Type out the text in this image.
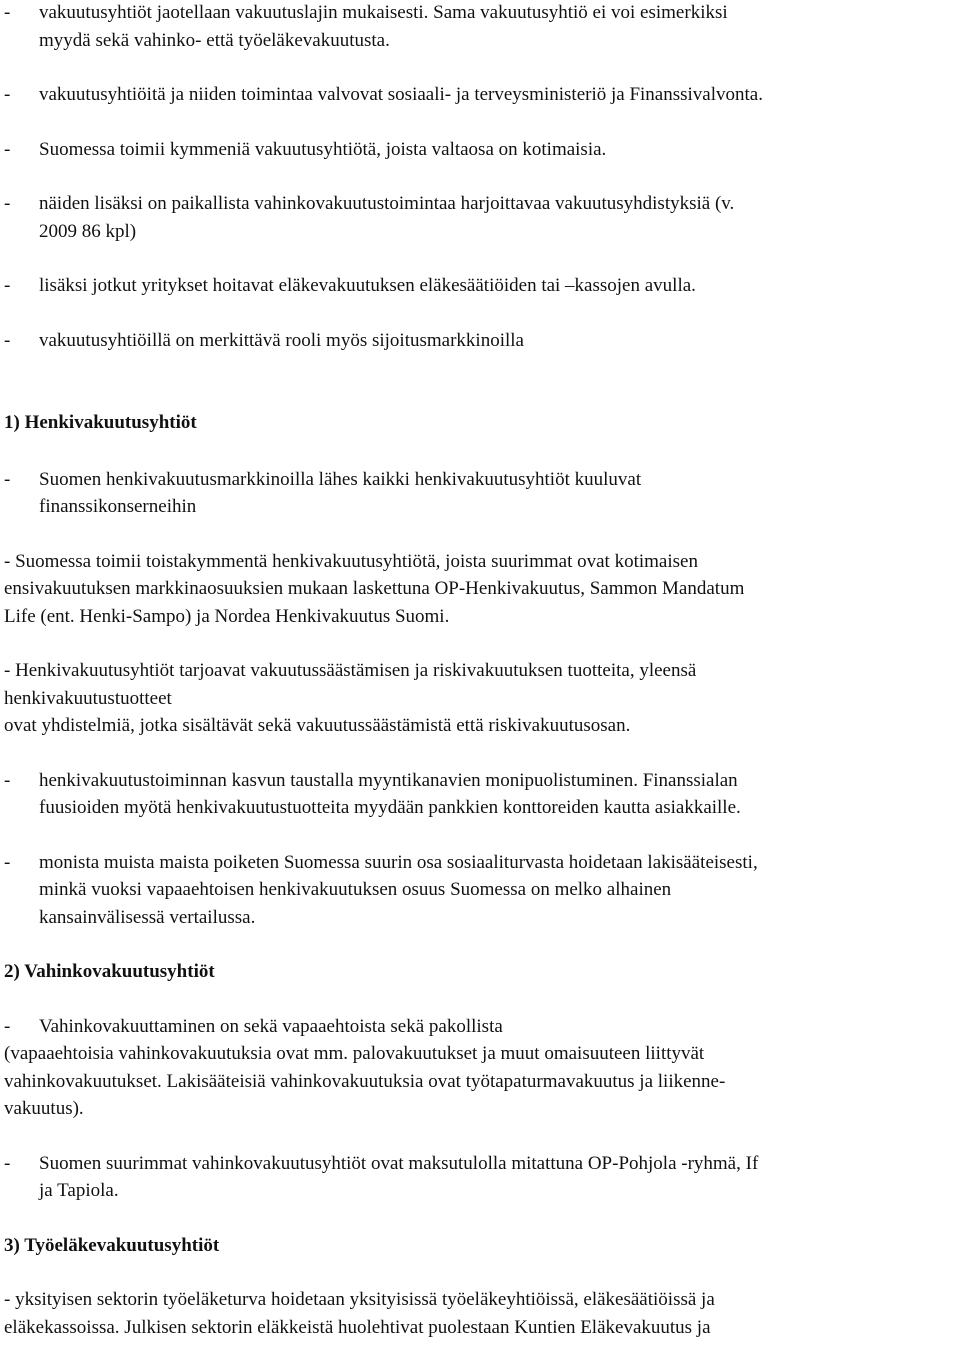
-	vakuutusyhtiöt jaotellaan vakuutuslajin mukaisesti. Sama vakuutusyhtiö ei voi esimerkiksi
myydä sekä vahinko- että työeläkevakuutusta.

-	vakuutusyhtiöitä ja niiden toimintaa valvovat sosiaali- ja terveysministeriö ja Finanssivalvonta.

-	Suomessa toimii kymmeniä vakuutusyhtiötä, joista valtaosa on kotimaisia.

-	näiden lisäksi on paikallista vahinkovakuutustoimintaa harjoittavaa vakuutusyhdistyksiä (v.
2009 86 kpl)

-	lisäksi jotkut yritykset hoitavat eläkevakuutuksen eläkesäätiöiden tai –kassojen avulla.

-	vakuutusyhtiöillä on merkittävä rooli myös sijoitusmarkkinoilla

1) Henkivakuutusyhtiöt

-	Suomen henkivakuutusmarkkinoilla lähes kaikki henkivakuutusyhtiöt kuuluvat
finanssikonserneihin

- Suomessa toimii toistakymmentä henkivakuutusyhtiötä, joista suurimmat ovat kotimaisen
ensivakuutuksen markkinaosuuksien mukaan laskettuna OP-Henkivakuutus, Sammon Mandatum
Life (ent. Henki-Sampo) ja Nordea Henkivakuutus Suomi.

- Henkivakuutusyhtiöt tarjoavat vakuutussäästämisen ja riskivakuutuksen tuotteita, yleensä
henkivakuutustuotteet
ovat yhdistelmiä, jotka sisältävät sekä vakuutussäästämistä että riskivakuutusosan.

-	henkivakuutustoiminnan kasvun taustalla myyntikanavien monipuolistuminen. Finanssialan
fuusioiden myötä henkivakuutustuotteita myydään pankkien konttoreiden kautta asiakkaille.

-	monista muista maista poiketen Suomessa suurin osa sosiaaliturvasta hoidetaan lakisääteisesti,
minkä vuoksi vapaaehtoisen henkivakuutuksen osuus Suomessa on melko alhainen
kansainvälisessä vertailussa.

2) Vahinkovakuutusyhtiöt

-	Vahinkovakuuttaminen on sekä vapaaehtoista sekä pakollista

(vapaaehtoisia vahinkovakuutuksia ovat mm. palovakuutukset ja muut omaisuuteen liittyvät
vahinkovakuutukset. Lakisääteisiä vahinkovakuutuksia ovat työtapaturmavakuutus ja liikenne-
vakuutus).

-	Suomen suurimmat vahinkovakuutusyhtiöt ovat maksutulolla mitattuna OP-Pohjola -ryhmä, If
ja Tapiola.

3) Työeläkevakuutusyhtiöt

- yksityisen sektorin työeläketurva hoidetaan yksityisissä työeläkeyhtiöissä, eläkesäätiöissä ja
eläkekassoissa. Julkisen sektorin eläkkeistä huolehtivat puolestaan Kuntien Eläkevakuutus ja
